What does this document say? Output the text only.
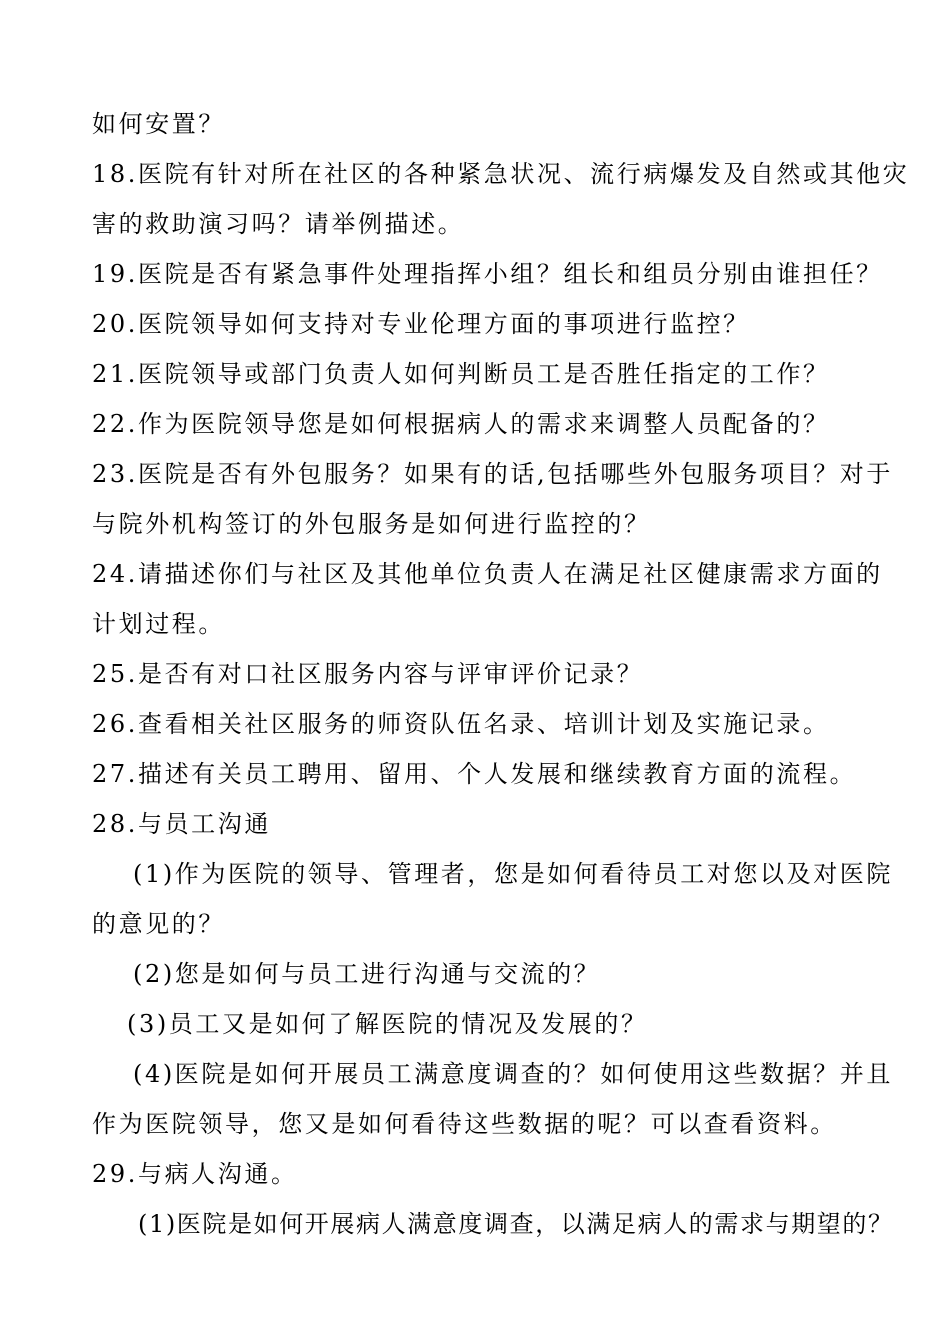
如何安置？
18.医院有针对所在社区的各种紧急状况、流行病爆发及自然或其他灾
害的救助演习吗？请举例描述。
19.医院是否有紧急事件处理指挥小组？组长和组员分别由谁担任？
20.医院领导如何支持对专业伦理方面的事项进行监控？
21.医院领导或部门负责人如何判断员工是否胜任指定的工作？
22.作为医院领导您是如何根据病人的需求来调整人员配备的？
23.医院是否有外包服务？如果有的话,包括哪些外包服务项目？对于
与院外机构签订的外包服务是如何进行监控的？
24.请描述你们与社区及其他单位负责人在满足社区健康需求方面的
计划过程。
25.是否有对口社区服务内容与评审评价记录？
26.查看相关社区服务的师资队伍名录、培训计划及实施记录。
27.描述有关员工聘用、留用、个人发展和继续教育方面的流程。
28.与员工沟通
(1)作为医院的领导、管理者，您是如何看待员工对您以及对医院
的意见的？
(2)您是如何与员工进行沟通与交流的？
(3)员工又是如何了解医院的情况及发展的？
(4)医院是如何开展员工满意度调查的？如何使用这些数据？并且
作为医院领导，您又是如何看待这些数据的呢？可以查看资料。
29.与病人沟通。
(1)医院是如何开展病人满意度调查，以满足病人的需求与期望的？
